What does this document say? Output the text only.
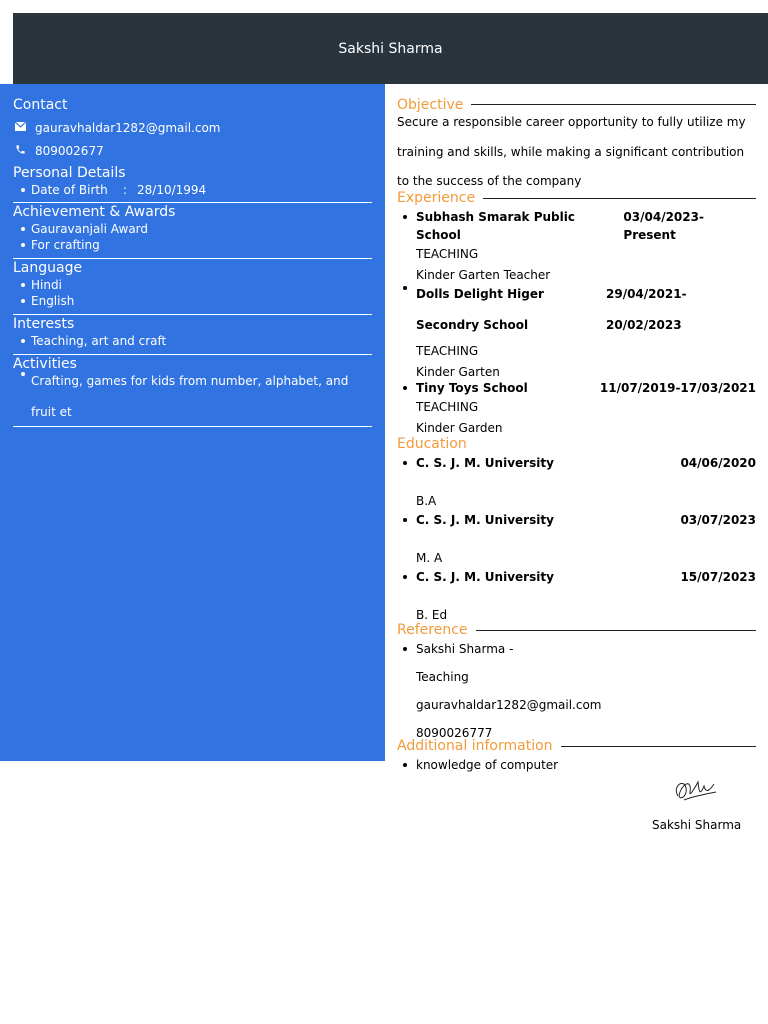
Sakshi Sharma
Contact
gauravhaldar1282@gmail.com
809002677
Personal Details
Date of Birth : 28/10/1994
Achievement & Awards
Gauravanjali Award
For crafting
Language
Hindi
English
Interests
Teaching, art and craft
Activities
Crafting, games for kids from number, alphabet, and fruit et
Objective
Secure a responsible career opportunity to fully utilize my training and skills, while making a significant contribution to the success of the company
Experience
Subhash Smarak Public School
03/04/2023-Present
TEACHING
Kinder Garten Teacher
Dolls Delight Higer Secondry School
29/04/2021-20/02/2023
TEACHING
Kinder Garten
Tiny Toys School	11/07/2019-17/03/2021
TEACHING
Kinder Garden
Education
C. S. J. M. University	04/06/2020
B.A
C. S. J. M. University	03/07/2023
M. A
C. S. J. M. University	15/07/2023
B. Ed
Reference
Sakshi Sharma -
Teaching
gauravhaldar1282@gmail.com
8090026777
Additional information
knowledge of computer
Sakshi Sharma
